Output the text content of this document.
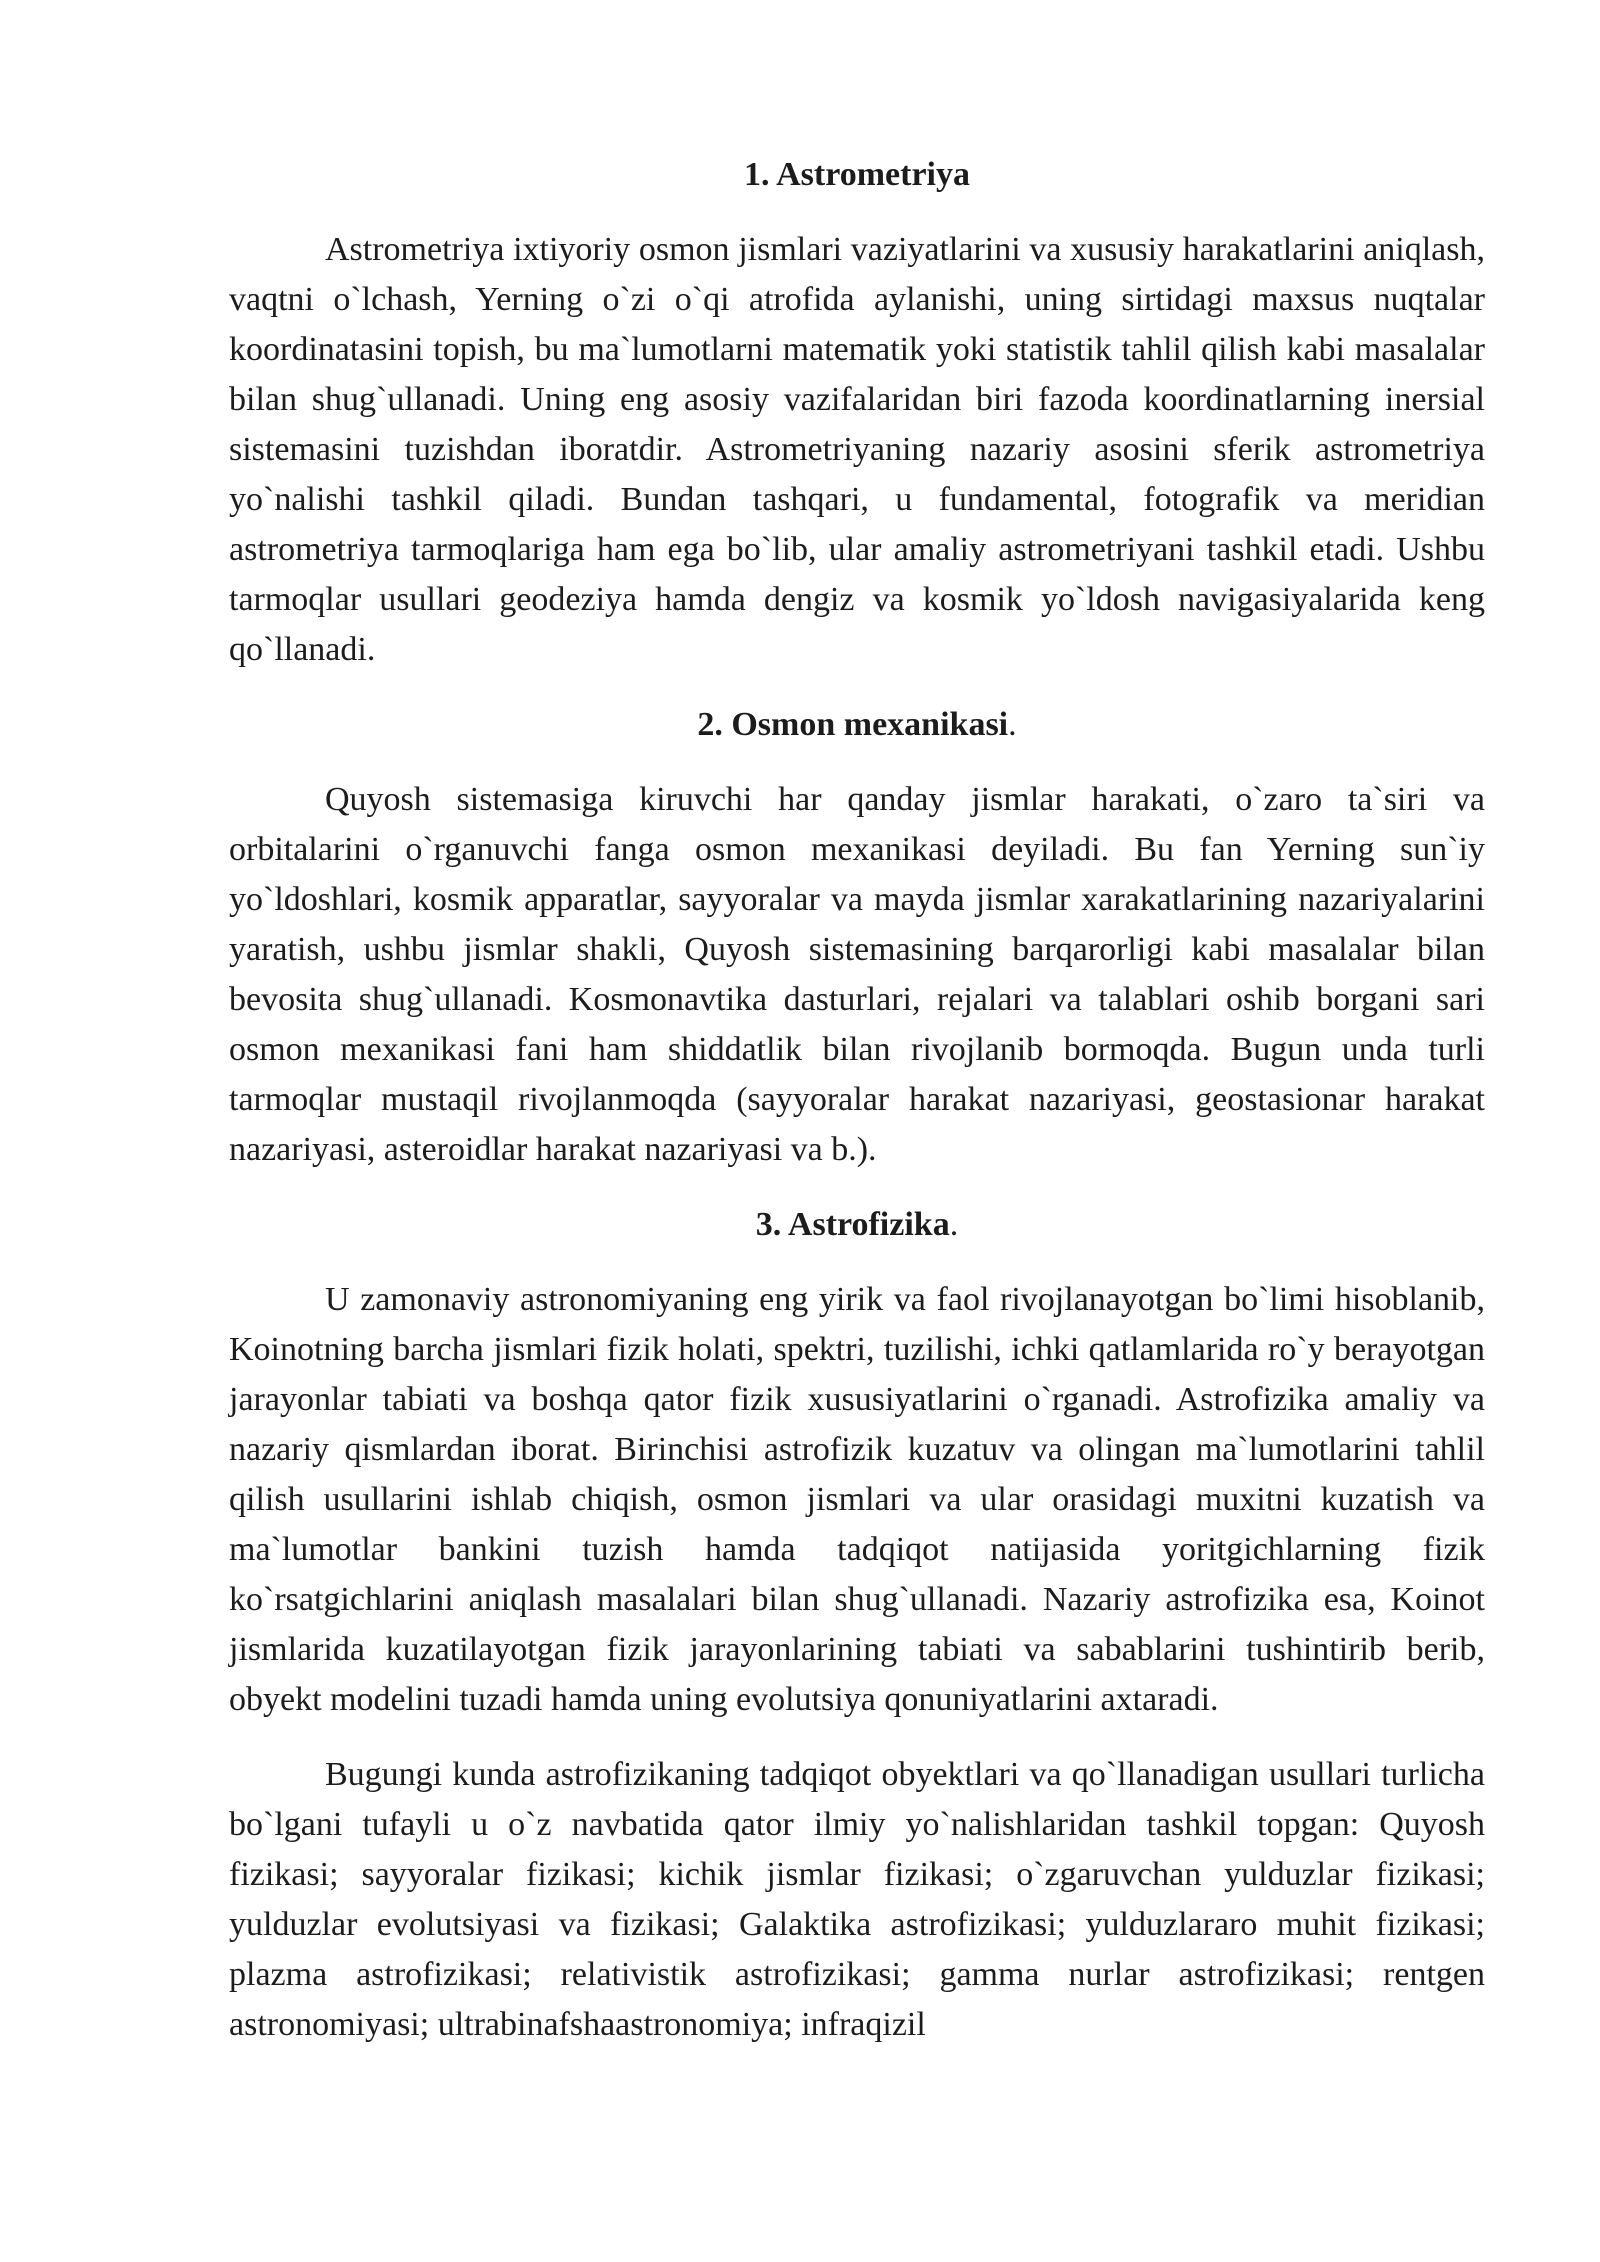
1. Astrometriya

Astrometriya ixtiyoriy osmon jismlari vaziyatlarini va xususiy harakatlarini aniqlash, vaqtni o`lchash, Yerning o`zi o`qi atrofida aylanishi, uning sirtidagi maxsus nuqtalar koordinatasini topish, bu ma`lumotlarni matematik yoki statistik tahlil qilish kabi masalalar bilan shug`ullanadi. Uning eng asosiy vazifalaridan biri fazoda koordinatlarning inersial sistemasini tuzishdan iboratdir. Astrometriyaning nazariy asosini sferik astrometriya yo`nalishi tashkil qiladi. Bundan tashqari, u fundamental, fotografik va meridian astrometriya tarmoqlariga ham ega bo`lib, ular amaliy astrometriyani tashkil etadi. Ushbu tarmoqlar usullari geodeziya hamda dengiz va kosmik yo`ldosh navigasiyalarida keng qo`llanadi.

2. Osmon mexanikasi.

Quyosh sistemasiga kiruvchi har qanday jismlar harakati, o`zaro ta`siri va orbitalarini o`rganuvchi fanga osmon mexanikasi deyiladi. Bu fan Yerning sun`iy yo`ldoshlari, kosmik apparatlar, sayyoralar va mayda jismlar xarakatlarining nazariyalarini yaratish, ushbu jismlar shakli, Quyosh sistemasining barqarorligi kabi masalalar bilan bevosita shug`ullanadi. Kosmonavtika dasturlari, rejalari va talablari oshib borgani sari osmon mexanikasi fani ham shiddatlik bilan rivojlanib bormoqda. Bugun unda turli tarmoqlar mustaqil rivojlanmoqda (sayyoralar harakat nazariyasi, geostasionar harakat nazariyasi, asteroidlar harakat nazariyasi va b.).

3. Astrofizika.

U zamonaviy astronomiyaning eng yirik va faol rivojlanayotgan bo`limi hisoblanib, Koinotning barcha jismlari fizik holati, spektri, tuzilishi, ichki qatlamlarida ro`y berayotgan jarayonlar tabiati va boshqa qator fizik xususiyatlarini o`rganadi. Astrofizika amaliy va nazariy qismlardan iborat. Birinchisi astrofizik kuzatuv va olingan ma`lumotlarini tahlil qilish usullarini ishlab chiqish, osmon jismlari va ular orasidagi muxitni kuzatish va ma`lumotlar bankini tuzish hamda tadqiqot natijasida yoritgichlarning fizik ko`rsatgichlarini aniqlash masalalari bilan shug`ullanadi. Nazariy astrofizika esa, Koinot jismlarida kuzatilayotgan fizik jarayonlarining tabiati va sabablarini tushintirib berib, obyekt modelini tuzadi hamda uning evolutsiya qonuniyatlarini axtaradi.

Bugungi kunda astrofizikaning tadqiqot obyektlari va qo`llanadigan usullari turlicha bo`lgani tufayli u o`z navbatida qator ilmiy yo`nalishlaridan tashkil topgan: Quyosh fizikasi; sayyoralar fizikasi; kichik jismlar fizikasi; o`zgaruvchan yulduzlar fizikasi; yulduzlar evolutsiyasi va fizikasi; Galaktika astrofizikasi; yulduzlararo muhit fizikasi; plazma astrofizikasi; relativistik astrofizikasi; gamma nurlar astrofizikasi; rentgen astronomiyasi; ultrabinafshaastronomiya; infraqizil
